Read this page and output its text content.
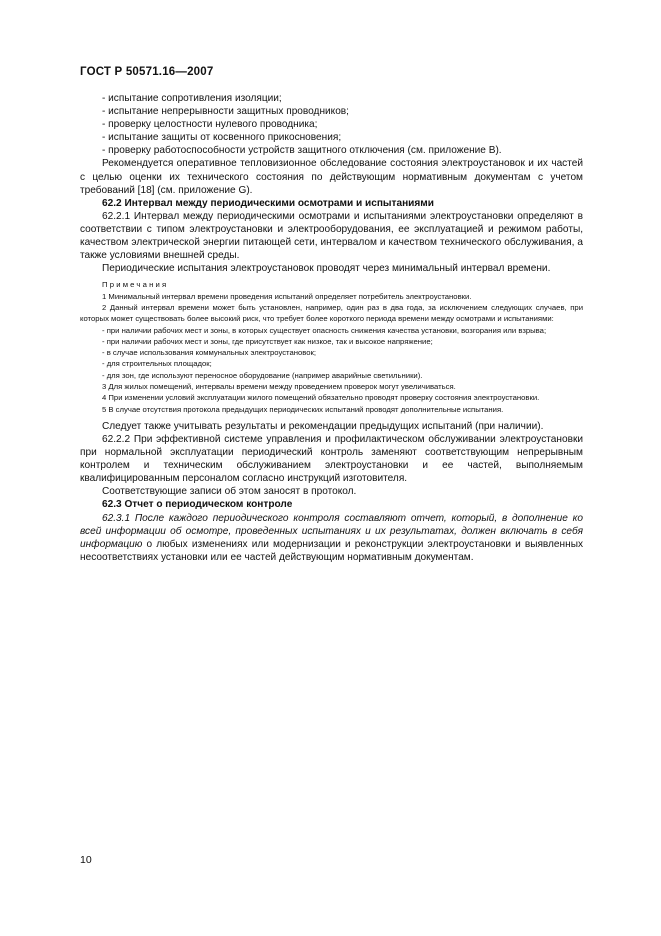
ГОСТ Р 50571.16—2007

- испытание сопротивления изоляции;

- испытание непрерывности защитных проводников;

- проверку целостности нулевого проводника;

- испытание защиты от косвенного прикосновения;

- проверку работоспособности устройств защитного отключения (см. приложение В).

Рекомендуется оперативное тепловизионное обследование состояния электроустановок и их частей с целью оценки их технического состояния по действующим нормативным документам с учетом требований [18] (см. приложение G).

62.2 Интервал между периодическими осмотрами и испытаниями

62.2.1 Интервал между периодическими осмотрами и испытаниями электроустановки определяют в соответствии с типом электроустановки и электрооборудования, ее эксплуатацией и режимом работы, качеством электрической энергии питающей сети, интервалом и качеством технического обслуживания, а также условиями внешней среды.

Периодические испытания электроустановок проводят через минимальный интервал времени.

Примечания

1 Минимальный интервал времени проведения испытаний определяет потребитель электроустановки.

2 Данный интервал времени может быть установлен, например, один раз в два года, за исключением следующих случаев, при которых может существовать более высокий риск, что требует более короткого периода времени между осмотрами и испытаниями:

- при наличии рабочих мест и зоны, в которых существует опасность снижения качества установки, возгорания или взрыва;

- при наличии рабочих мест и зоны, где присутствует как низкое, так и высокое напряжение;

- в случае использования коммунальных электроустановок;

- для строительных площадок;

- для зон, где используют переносное оборудование (например аварийные светильники).

3 Для жилых помещений, интервалы времени между проведением проверок могут увеличиваться.

4 При изменении условий эксплуатации жилого помещений обязательно проводят проверку состояния электроустановки.

5 В случае отсутствия протокола предыдущих периодических испытаний проводят дополнительные испытания.

Следует также учитывать результаты и рекомендации предыдущих испытаний (при наличии).

62.2.2 При эффективной системе управления и профилактическом обслуживании электроустановки при нормальной эксплуатации периодический контроль заменяют соответствующим непрерывным контролем и техническим обслуживанием электроустановки и ее частей, выполняемым квалифицированным персоналом согласно инструкций изготовителя.

Соответствующие записи об этом заносят в протокол.

62.3 Отчет о периодическом контроле

62.3.1 После каждого периодического контроля составляют отчет, который, в дополнение ко всей информации об осмотре, проведенных испытаниях и их результатах, должен включать в себя информацию о любых изменениях или модернизации и реконструкции электроустановки и выявленных несоответствиях установки или ее частей действующим нормативным документам.

10
